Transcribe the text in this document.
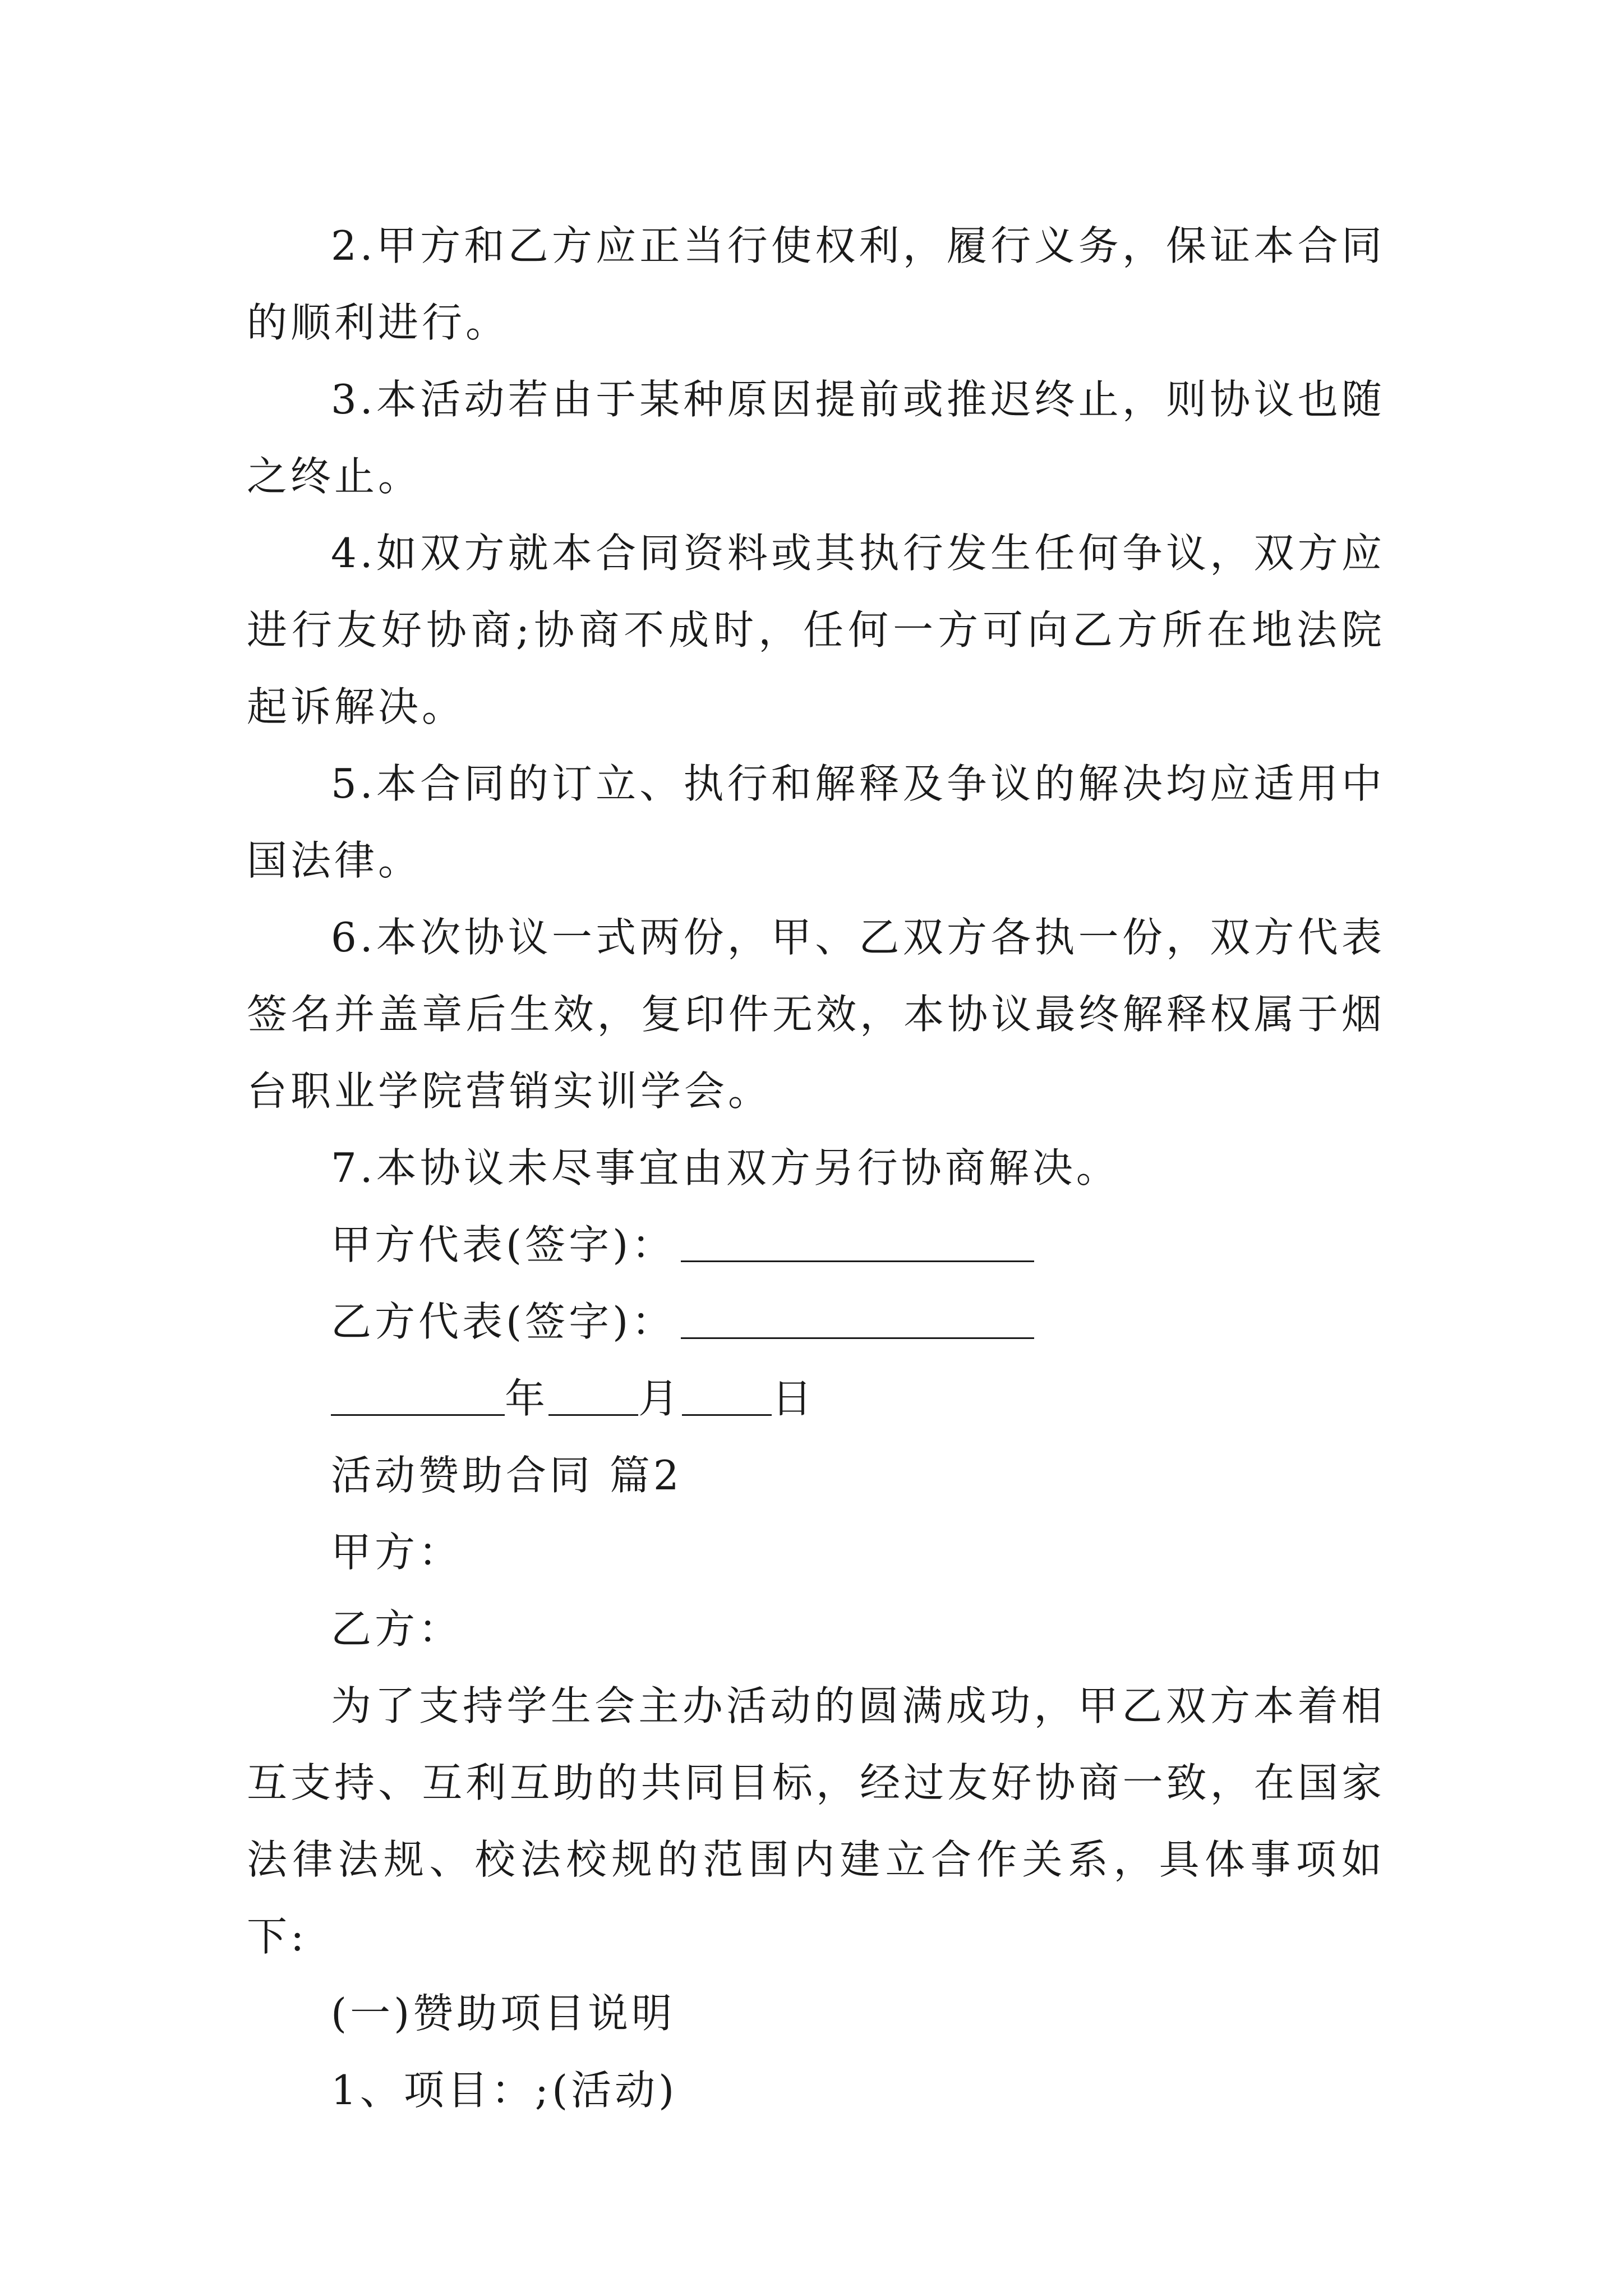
2.甲方和乙方应正当行使权利，履行义务，保证本合同的顺利进行。

3.本活动若由于某种原因提前或推迟终止，则协议也随之终止。

4.如双方就本合同资料或其执行发生任何争议，双方应进行友好协商;协商不成时，任何一方可向乙方所在地法院起诉解决。

5.本合同的订立、执行和解释及争议的解决均应适用中国法律。

6.本次协议一式两份，甲、乙双方各执一份，双方代表签名并盖章后生效，复印件无效，本协议最终解释权属于烟台职业学院营销实训学会。

7.本协议未尽事宜由双方另行协商解决。

甲方代表(签字)：

乙方代表(签字)：

年 月 日

活动赞助合同 篇2

甲方：

乙方：

为了支持学生会主办活动的圆满成功，甲乙双方本着相互支持、互利互助的共同目标，经过友好协商一致，在国家法律法规、校法校规的范围内建立合作关系，具体事项如下:

(一)赞助项目说明

1、项目：;(活动)
